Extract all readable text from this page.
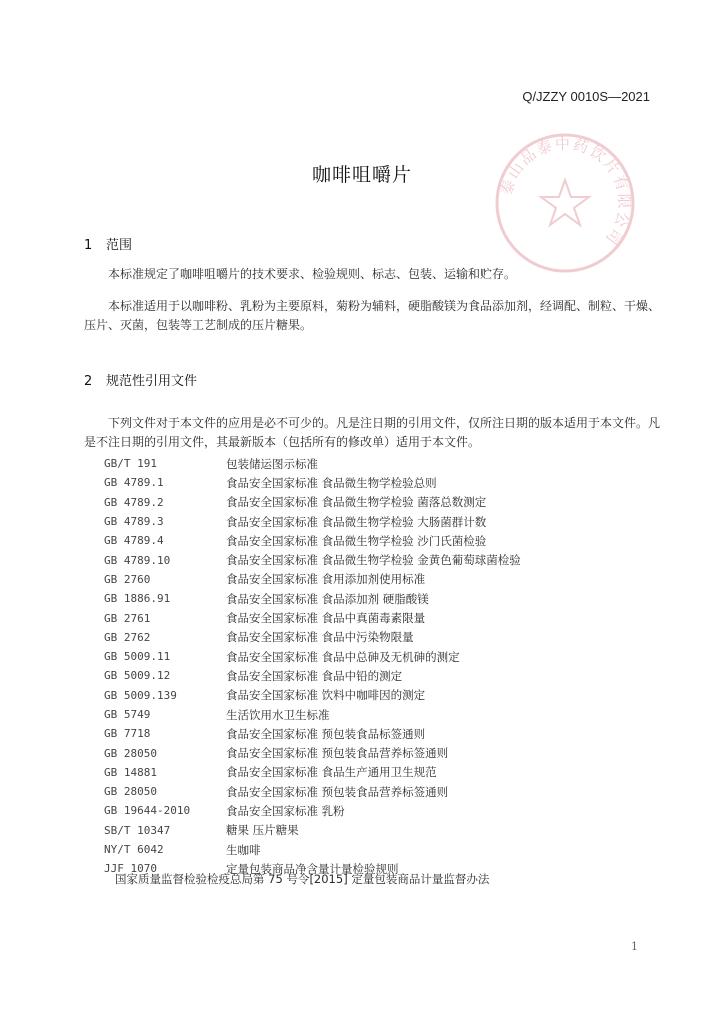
Q/JZZY 0010S—2021
泰山品泰中药饮片有限公司
咖啡咀嚼片
1 范围

本标准规定了咖啡咀嚼片的技术要求、检验规则、标志、包装、运输和贮存。

本标准适用于以咖啡粉、乳粉为主要原料，菊粉为辅料，硬脂酸镁为食品添加剂，经调配、制粒、干燥、压片、灭菌，包装等工艺制成的压片糖果。

2 规范性引用文件

下列文件对于本文件的应用是必不可少的。凡是注日期的引用文件，仅所注日期的版本适用于本文件。凡是不注日期的引用文件，其最新版本（包括所有的修改单）适用于本文件。

GB/T 191	包装储运图示标准
GB 4789.1	食品安全国家标准 食品微生物学检验总则
GB 4789.2	食品安全国家标准 食品微生物学检验 菌落总数测定
GB 4789.3	食品安全国家标准 食品微生物学检验 大肠菌群计数
GB 4789.4	食品安全国家标准 食品微生物学检验 沙门氏菌检验
GB 4789.10	食品安全国家标准 食品微生物学检验 金黄色葡萄球菌检验
GB 2760	食品安全国家标准 食用添加剂使用标准
GB 1886.91	食品安全国家标准 食品添加剂 硬脂酸镁
GB 2761	食品安全国家标准 食品中真菌毒素限量
GB 2762	食品安全国家标准 食品中污染物限量
GB 5009.11	食品安全国家标准 食品中总砷及无机砷的测定
GB 5009.12	食品安全国家标准 食品中铅的测定
GB 5009.139	食品安全国家标准 饮料中咖啡因的测定
GB 5749	生活饮用水卫生标准
GB 7718	食品安全国家标准 预包装食品标签通则
GB 28050	食品安全国家标准 预包装食品营养标签通则
GB 14881	食品安全国家标准 食品生产通用卫生规范
GB 28050	食品安全国家标准 预包装食品营养标签通则
GB 19644-2010	食品安全国家标准 乳粉
SB/T 10347	糖果 压片糖果
NY/T 6042	生咖啡
JJF 1070	定量包装商品净含量计量检验规则
国家质量监督检验检疫总局第 75 号令[2015] 定量包装商品计量监督办法
1
